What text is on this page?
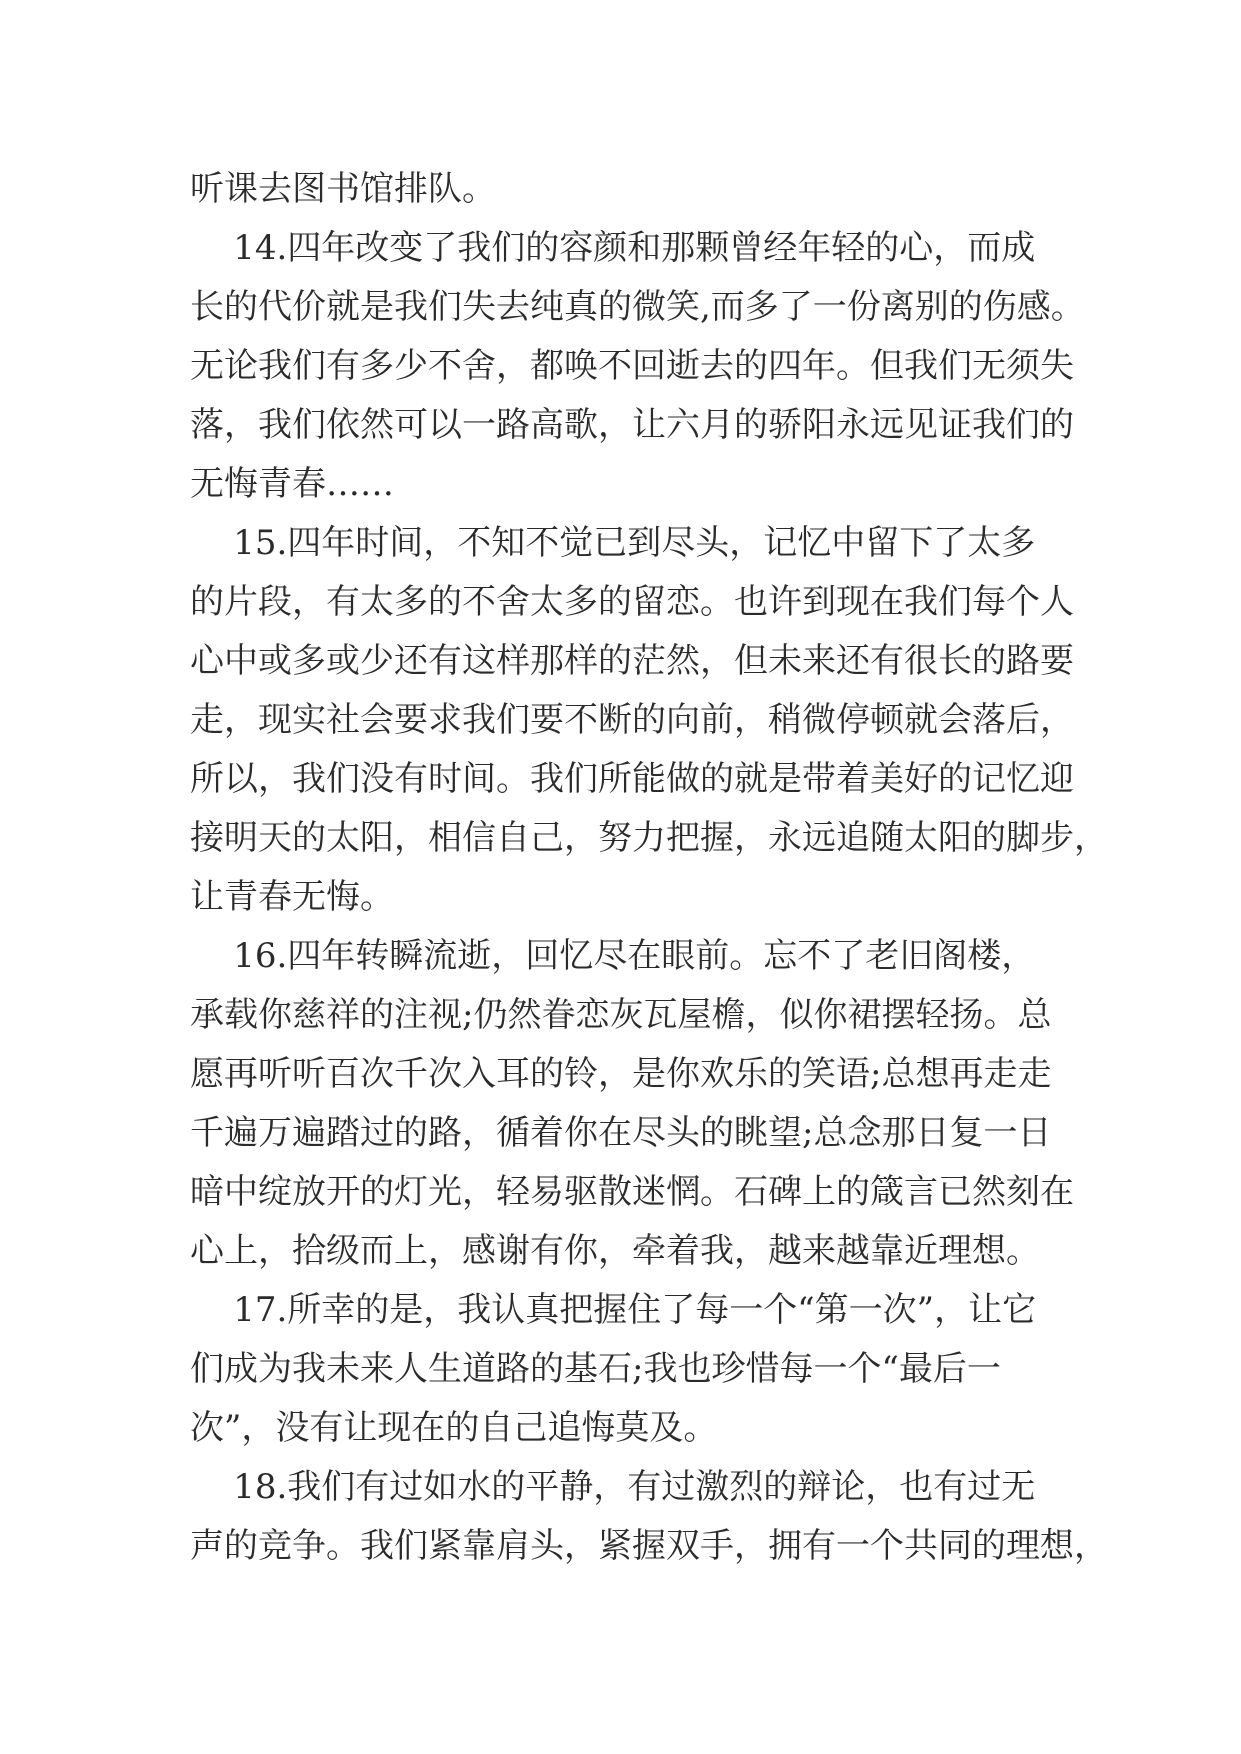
听课去图书馆排队。
14.四年改变了我们的容颜和那颗曾经年轻的心，而成
长的代价就是我们失去纯真的微笑,而多了一份离别的伤感。
无论我们有多少不舍，都唤不回逝去的四年。但我们无须失
落，我们依然可以一路高歌，让六月的骄阳永远见证我们的
无悔青春……
15.四年时间，不知不觉已到尽头，记忆中留下了太多
的片段，有太多的不舍太多的留恋。也许到现在我们每个人
心中或多或少还有这样那样的茫然，但未来还有很长的路要
走，现实社会要求我们要不断的向前，稍微停顿就会落后，
所以，我们没有时间。我们所能做的就是带着美好的记忆迎
接明天的太阳，相信自己，努力把握，永远追随太阳的脚步，
让青春无悔。
16.四年转瞬流逝，回忆尽在眼前。忘不了老旧阁楼，
承载你慈祥的注视;仍然眷恋灰瓦屋檐，似你裙摆轻扬。总
愿再听听百次千次入耳的铃，是你欢乐的笑语;总想再走走
千遍万遍踏过的路，循着你在尽头的眺望;总念那日复一日
暗中绽放开的灯光，轻易驱散迷惘。石碑上的箴言已然刻在
心上，拾级而上，感谢有你，牵着我，越来越靠近理想。
17.所幸的是，我认真把握住了每一个“第一次”，让它
们成为我未来人生道路的基石;我也珍惜每一个“最后一
次”，没有让现在的自己追悔莫及。
18.我们有过如水的平静，有过激烈的辩论，也有过无
声的竞争。我们紧靠肩头，紧握双手，拥有一个共同的理想，
